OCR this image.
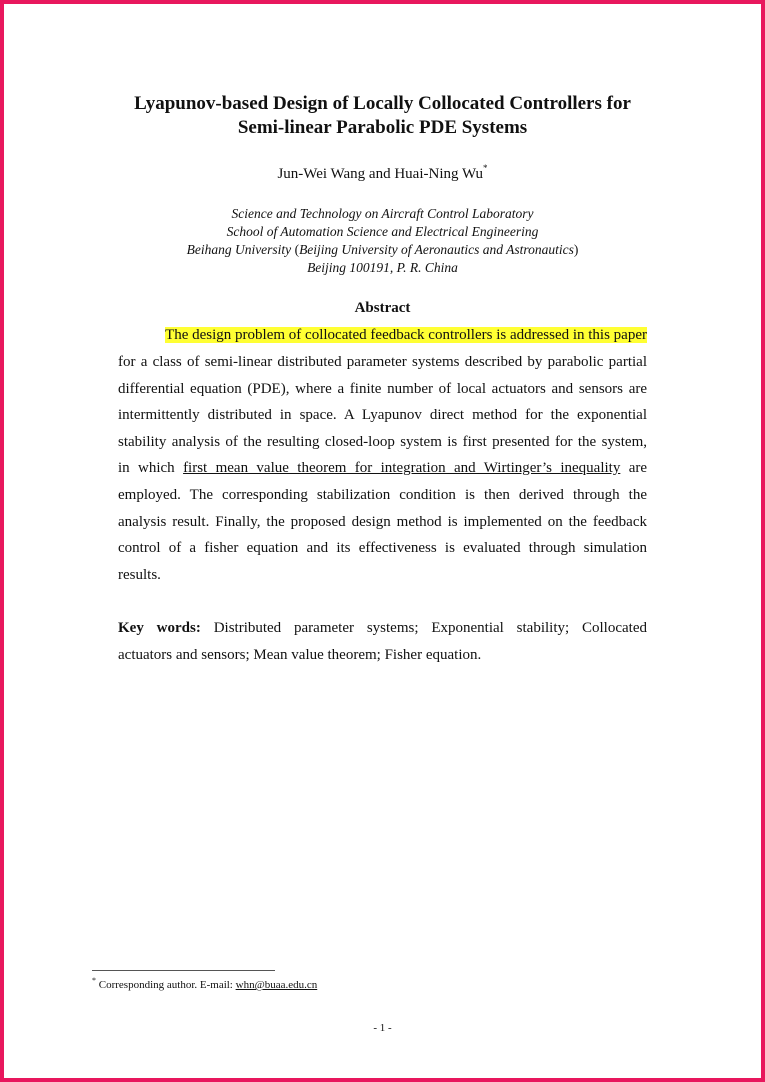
Lyapunov-based Design of Locally Collocated Controllers for
Semi-linear Parabolic PDE Systems
Jun-Wei Wang and Huai-Ning Wu*
Science and Technology on Aircraft Control Laboratory
School of Automation Science and Electrical Engineering
Beihang University (Beijing University of Aeronautics and Astronautics)
Beijing 100191, P. R. China
Abstract
The design problem of collocated feedback controllers is addressed in this paper
for a class of semi-linear distributed parameter systems described by parabolic partial
differential equation (PDE), where a finite number of local actuators and sensors are
intermittently distributed in space. A Lyapunov direct method for the exponential
stability analysis of the resulting closed-loop system is first presented for the system,
in which first mean value theorem for integration and Wirtinger’s inequality are
employed. The corresponding stabilization condition is then derived through the
analysis result. Finally, the proposed design method is implemented on the feedback
control of a fisher equation and its effectiveness is evaluated through simulation
results.
Key words: Distributed parameter systems; Exponential stability; Collocated
actuators and sensors; Mean value theorem; Fisher equation.
* Corresponding author. E-mail: whn@buaa.edu.cn
- 1 -
